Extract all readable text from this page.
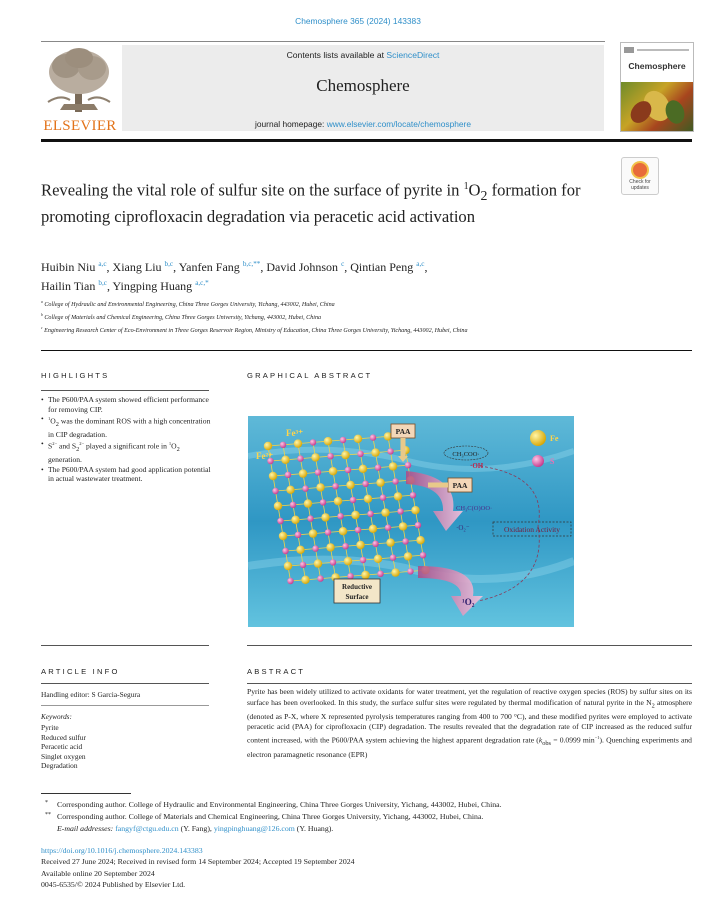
Chemosphere 365 (2024) 143383
ELSEVIER
Contents lists available at ScienceDirect
Chemosphere
journal homepage: www.elsevier.com/locate/chemosphere
Chemosphere
Revealing the vital role of sulfur site on the surface of pyrite in $^1O_2$ formation for promoting ciprofloxacin degradation via peracetic acid activation
Check for
updates
Huibin Niu $^{a,c}$, Xiang Liu $^{b,c}$, Yanfen Fang $^{b,c,**}$, David Johnson $^c$, Qintian Peng $^{a,c}$,
Hailin Tian $^{b,c}$, Yingping Huang $^{a,c,*}$
$^a$ College of Hydraulic and Environmental Engineering, China Three Gorges University, Yichang, 443002, Hubei, China
$^b$ College of Materials and Chemical Engineering, China Three Gorges University, Yichang, 443002, Hubei, China
$^c$ Engineering Research Center of Eco-Environment in Three Gorges Reservoir Region, Ministry of Education, China Three Gorges University, Yichang, 443002, Hubei, China
HIGHLIGHTS	GRAPHICAL ABSTRACT
• The P600/PAA system showed efficient performance for removing CIP.
• $^1O_2$ was the dominant ROS with a high concentration in CIP degradation.
• $S^{2-}$ and $S_2^{2-}$ played a significant role in $^1O_2$ generation.
• The P600/PAA system had good application potential in actual wastewater treatment.
PAA
PAA
Fe³⁺
Fe²⁺	CH₃COO·
·OH
CH₃C(O)OO·
·O₂⁻	Oxidation Activity
Reductive
Surface	¹O₂
Fe
S
ARTICLE INFO	ABSTRACT
Handling editor: S Garcia-Segura
Keywords:
Pyrite
Reduced sulfur
Peracetic acid
Singlet oxygen
Degradation
Pyrite has been widely utilized to activate oxidants for water treatment, yet the regulation of reactive oxygen species (ROS) by sulfur sites on its surface has been overlooked. In this study, the surface sulfur sites were regulated by thermal modification of natural pyrite in the $N_2$ atmosphere (denoted as P-X, where X represented pyrolysis temperatures ranging from 400 to 700 °C), and these modified pyrites were employed to activate peracetic acid (PAA) for ciprofloxacin (CIP) degradation. The results revealed that the degradation rate of CIP increased as the reduced sulfur content increased, with the P600/PAA system achieving the highest apparent degradation rate ($k_{obs} = 0.0999$ $\min^{-1}$). Quenching experiments and electron paramagnetic resonance (EPR)
* Corresponding author. College of Hydraulic and Environmental Engineering, China Three Gorges University, Yichang, 443002, Hubei, China.
** Corresponding author. College of Materials and Chemical Engineering, China Three Gorges University, Yichang, 443002, Hubei, China.
E-mail addresses: fangyf@ctgu.edu.cn (Y. Fang), yingpinghuang@126.com (Y. Huang).
https://doi.org/10.1016/j.chemosphere.2024.143383
Received 27 June 2024; Received in revised form 14 September 2024; Accepted 19 September 2024
Available online 20 September 2024
0045-6535/© 2024 Published by Elsevier Ltd.
